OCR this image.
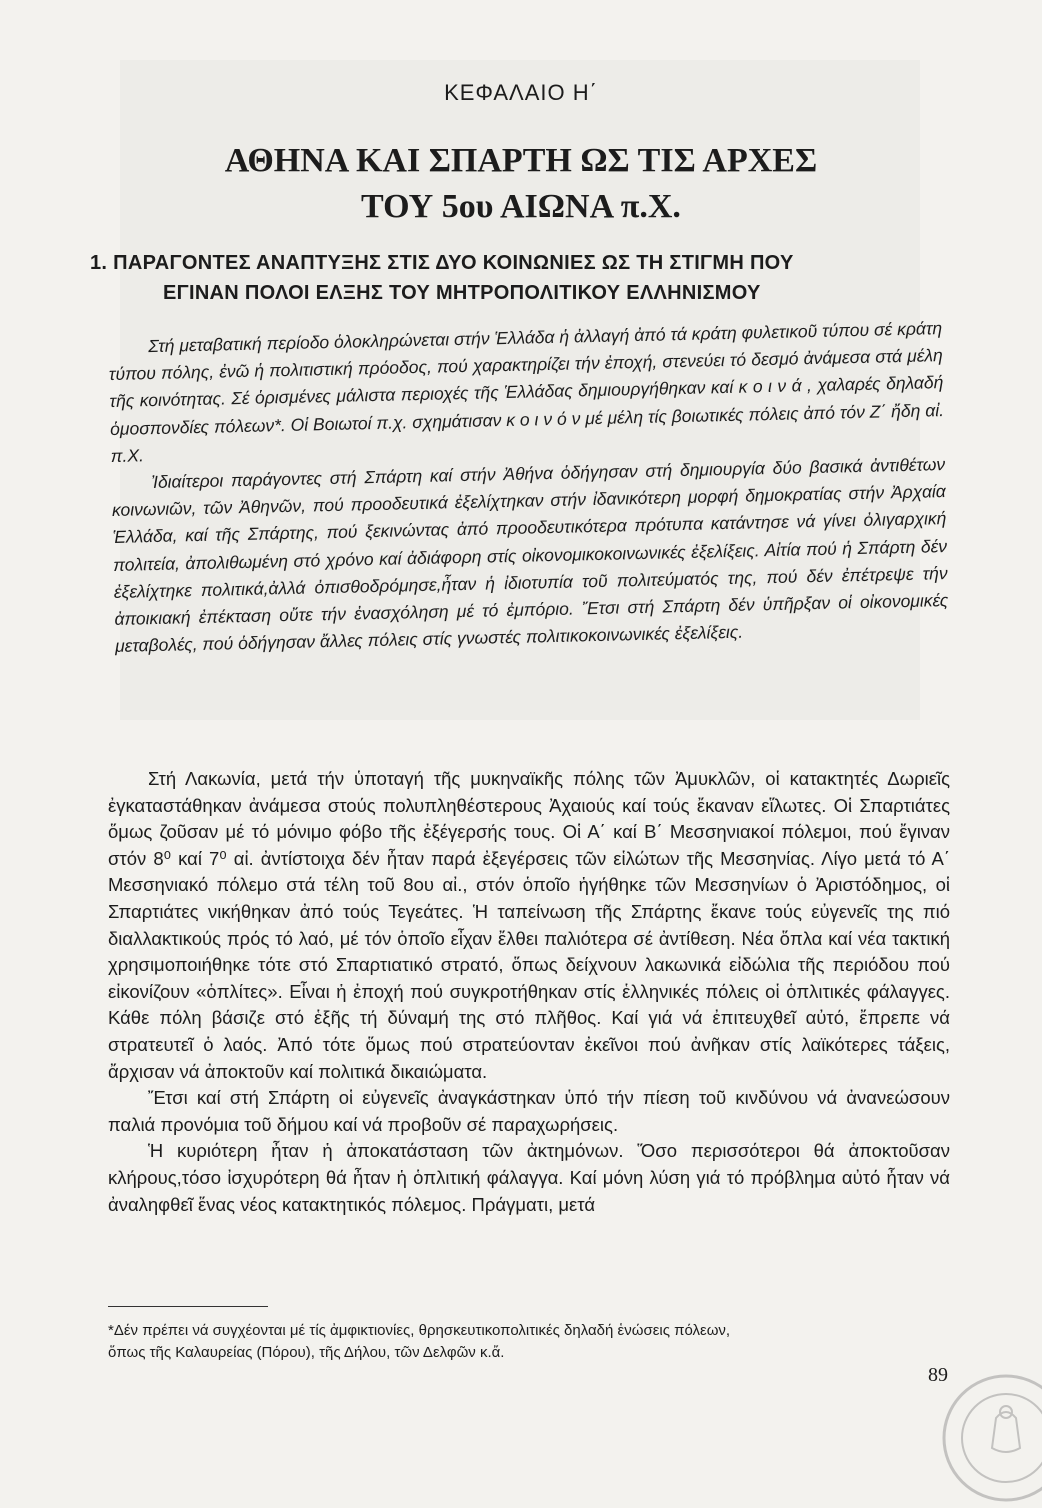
ΚΕΦΑΛΑΙΟ Η΄
ΑΘΗΝΑ ΚΑΙ ΣΠΑΡΤΗ ΩΣ ΤΙΣ ΑΡΧΕΣ
ΤΟΥ 5ου ΑΙΩΝΑ π.Χ.
1. ΠΑΡΑΓΟΝΤΕΣ ΑΝΑΠΤΥΞΗΣ ΣΤΙΣ ΔΥΟ ΚΟΙΝΩΝΙΕΣ ΩΣ ΤΗ ΣΤΙΓΜΗ ΠΟΥ
ΕΓΙΝΑΝ ΠΟΛΟΙ ΕΛΞΗΣ ΤΟΥ ΜΗΤΡΟΠΟΛΙΤΙΚΟΥ ΕΛΛΗΝΙΣΜΟΥ

Στή μεταβατική περίοδο ὁλοκληρώνεται στήν Ἑλλάδα ἡ ἀλλαγή ἀπό τά κράτη φυλετικοῦ τύπου σέ κράτη τύπου πόλης, ἐνῶ ἡ πολιτιστική πρόοδος, πού χαρακτηρίζει τήν ἐποχή, στενεύει τό δεσμό ἀνάμεσα στά μέλη τῆς κοινότητας. Σέ ὁρισμένες μάλιστα περιοχές τῆς Ἑλλάδας δημιουργήθηκαν καί κ ο ι ν ά , χαλαρές δηλαδή ὁμοσπονδίες πόλεων*. Οἱ Βοιωτοί π.χ. σχημάτισαν κ ο ι ν ό ν μέ μέλη τίς βοιωτικές πόλεις ἀπό τόν Ζ΄ ἤδη αἰ. π.Χ. Ἰδιαίτεροι παράγοντες στή Σπάρτη καί στήν Ἀθήνα ὁδήγησαν στή δημιουργία δύο βασικά ἀντιθέτων κοινωνιῶν, τῶν Ἀθηνῶν, πού προοδευτικά ἐξελίχτηκαν στήν ἰδανικότερη μορφή δημοκρατίας στήν Ἀρχαία Ἑλλάδα, καί τῆς Σπάρτης, πού ξεκινώντας ἀπό προοδευτικότερα πρότυπα κατάντησε νά γίνει ὀλιγαρχική πολιτεία, ἀπολιθωμένη στό χρόνο καί ἀδιάφορη στίς οἰκονομικοκοινωνικές ἐξελίξεις. Αἰτία πού ἡ Σπάρτη δέν ἐξελίχτηκε πολιτικά,ἀλλά ὀπισθοδρόμησε,ἦταν ἡ ἰδιοτυπία τοῦ πολιτεύματός της, πού δέν ἐπέτρεψε τήν ἀποικιακή ἐπέκταση οὔτε τήν ἐνασχόληση μέ τό ἐμπόριο. Ἔτσι στή Σπάρτη δέν ὑπῆρξαν οἱ οἰκονομικές μεταβολές, πού ὁδήγησαν ἄλλες πόλεις στίς γνωστές πολιτικοκοινωνικές ἐξελίξεις.

Στή Λακωνία, μετά τήν ὑποταγή τῆς μυκηναϊκῆς πόλης τῶν Ἀμυκλῶν, οἱ κατακτητές Δωριεῖς ἐγκαταστάθηκαν ἀνάμεσα στούς πολυπληθέστερους Ἀχαιούς καί τούς ἔκαναν εἵλωτες. Οἱ Σπαρτιάτες ὅμως ζοῦσαν μέ τό μόνιμο φόβο τῆς ἐξέγερσής τους. Οἱ Α΄ καί Β΄ Μεσσηνιακοί πόλεμοι, πού ἔγιναν στόν 8⁰ καί 7⁰ αἰ. ἀντίστοιχα δέν ἦταν παρά ἐξεγέρσεις τῶν εἱλώτων τῆς Μεσσηνίας. Λίγο μετά τό Α΄ Μεσσηνιακό πόλεμο στά τέλη τοῦ 8ου αἰ., στόν ὁποῖο ἡγήθηκε τῶν Μεσσηνίων ὁ Ἀριστόδημος, οἱ Σπαρτιάτες νικήθηκαν ἀπό τούς Τεγεάτες. Ἡ ταπείνωση τῆς Σπάρτης ἔκανε τούς εὐγενεῖς της πιό διαλλακτικούς πρός τό λαό, μέ τόν ὁποῖο εἶχαν ἔλθει παλιότερα σέ ἀντίθεση. Νέα ὅπλα καί νέα τακτική χρησιμοποιήθηκε τότε στό Σπαρτιατικό στρατό, ὅπως δείχνουν λακωνικά εἰδώλια τῆς περιόδου πού εἰκονίζουν «ὁπλίτες». Εἶναι ἡ ἐποχή πού συγκροτήθηκαν στίς ἑλληνικές πόλεις οἱ ὁπλιτικές φάλαγγες. Κάθε πόλη βάσιζε στό ἑξῆς τή δύναμή της στό πλῆθος. Καί γιά νά ἐπιτευχθεῖ αὐτό, ἔπρεπε νά στρατευτεῖ ὁ λαός. Ἀπό τότε ὅμως πού στρατεύονταν ἐκεῖνοι πού ἀνῆκαν στίς λαϊκότερες τάξεις, ἄρχισαν νά ἀποκτοῦν καί πολιτικά δικαιώματα.

Ἔτσι καί στή Σπάρτη οἱ εὐγενεῖς ἀναγκάστηκαν ὑπό τήν πίεση τοῦ κινδύνου νά ἀνανεώσουν παλιά προνόμια τοῦ δήμου καί νά προβοῦν σέ παραχωρήσεις.

Ἡ κυριότερη ἦταν ἡ ἀποκατάσταση τῶν ἀκτημόνων. Ὅσο περισσότεροι θά ἀποκτοῦσαν κλήρους,τόσο ἰσχυρότερη θά ἦταν ἡ ὁπλιτική φάλαγγα. Καί μόνη λύση γιά τό πρόβλημα αὐτό ἦταν νά ἀναληφθεῖ ἕνας νέος κατακτητικός πόλεμος. Πράγματι, μετά

*Δέν πρέπει νά συγχέονται μέ τίς ἀμφικτιονίες, θρησκευτικοπολιτικές δηλαδή ἑνώσεις πόλεων,
ὅπως τῆς Καλαυρείας (Πόρου), τῆς Δήλου, τῶν Δελφῶν κ.ἄ.
89
